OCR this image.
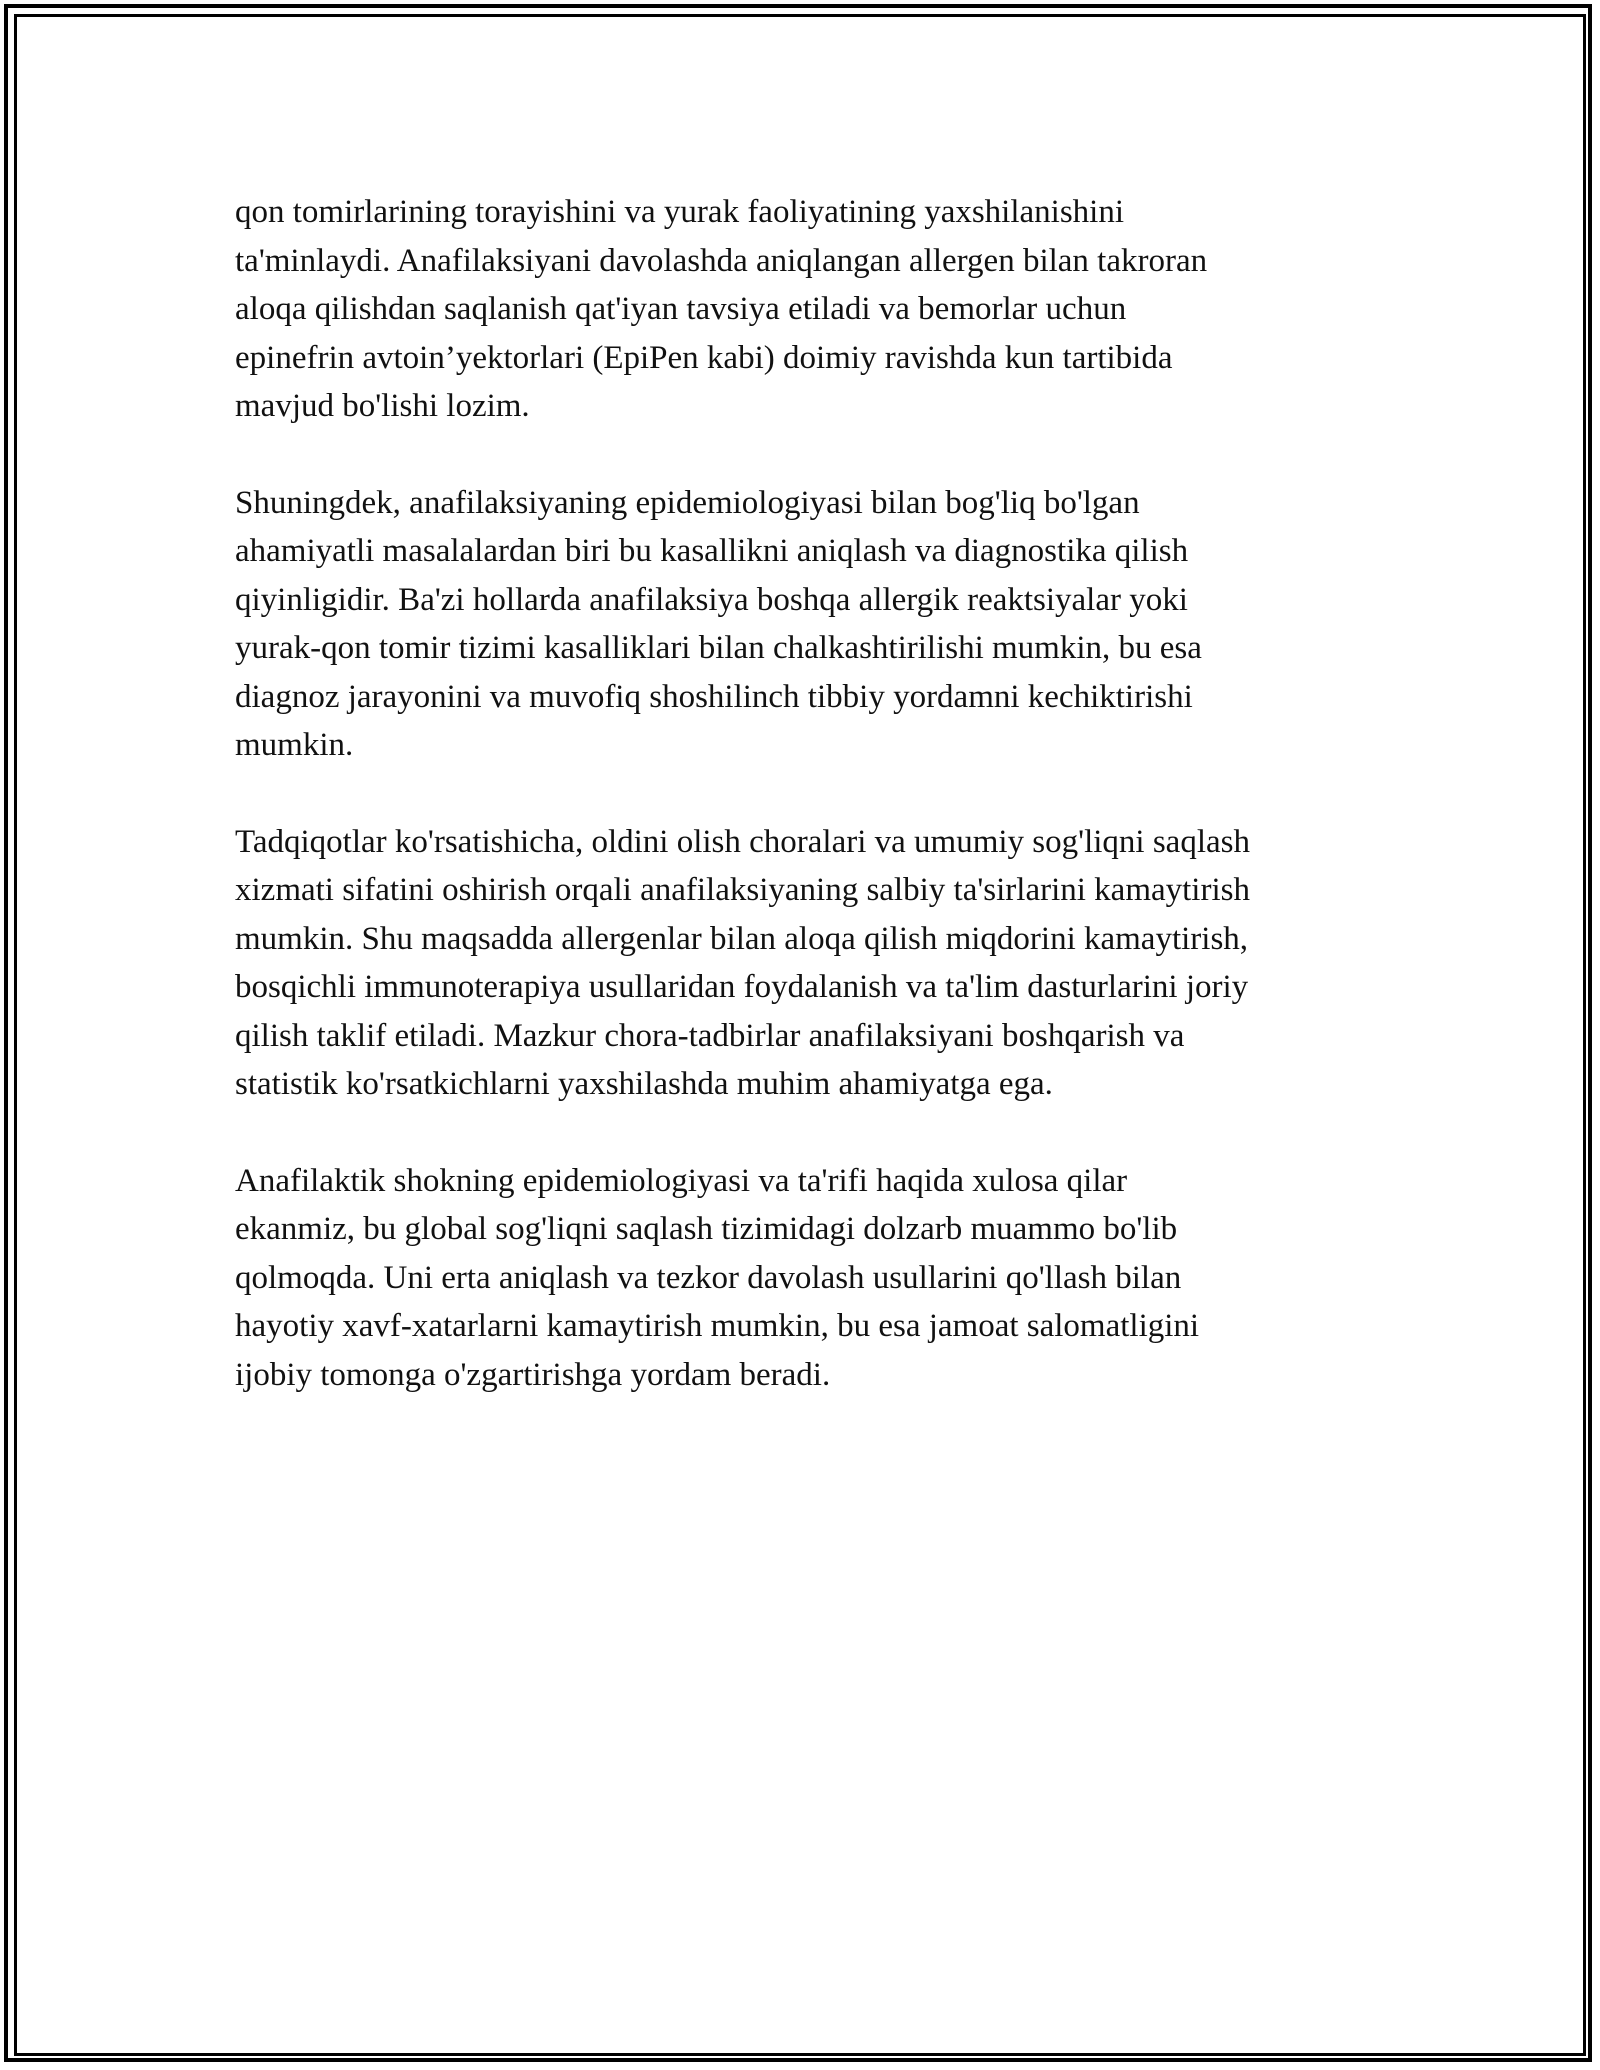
qon tomirlarining torayishini va yurak faoliyatining yaxshilanishini
ta'minlaydi. Anafilaksiyani davolashda aniqlangan allergen bilan takroran
aloqa qilishdan saqlanish qat'iyan tavsiya etiladi va bemorlar uchun
epinefrin avtoin’yektorlari (EpiPen kabi) doimiy ravishda kun tartibida
mavjud bo'lishi lozim.

Shuningdek, anafilaksiyaning epidemiologiyasi bilan bog'liq bo'lgan
ahamiyatli masalalardan biri bu kasallikni aniqlash va diagnostika qilish
qiyinligidir. Ba'zi hollarda anafilaksiya boshqa allergik reaktsiyalar yoki
yurak-qon tomir tizimi kasalliklari bilan chalkashtirilishi mumkin, bu esa
diagnoz jarayonini va muvofiq shoshilinch tibbiy yordamni kechiktirishi
mumkin.

Tadqiqotlar ko'rsatishicha, oldini olish choralari va umumiy sog'liqni saqlash
xizmati sifatini oshirish orqali anafilaksiyaning salbiy ta'sirlarini kamaytirish
mumkin. Shu maqsadda allergenlar bilan aloqa qilish miqdorini kamaytirish,
bosqichli immunoterapiya usullaridan foydalanish va ta'lim dasturlarini joriy
qilish taklif etiladi. Mazkur chora-tadbirlar anafilaksiyani boshqarish va
statistik ko'rsatkichlarni yaxshilashda muhim ahamiyatga ega.

Anafilaktik shokning epidemiologiyasi va ta'rifi haqida xulosa qilar
ekanmiz, bu global sog'liqni saqlash tizimidagi dolzarb muammo bo'lib
qolmoqda. Uni erta aniqlash va tezkor davolash usullarini qo'llash bilan
hayotiy xavf-xatarlarni kamaytirish mumkin, bu esa jamoat salomatligini
ijobiy tomonga o'zgartirishga yordam beradi.
